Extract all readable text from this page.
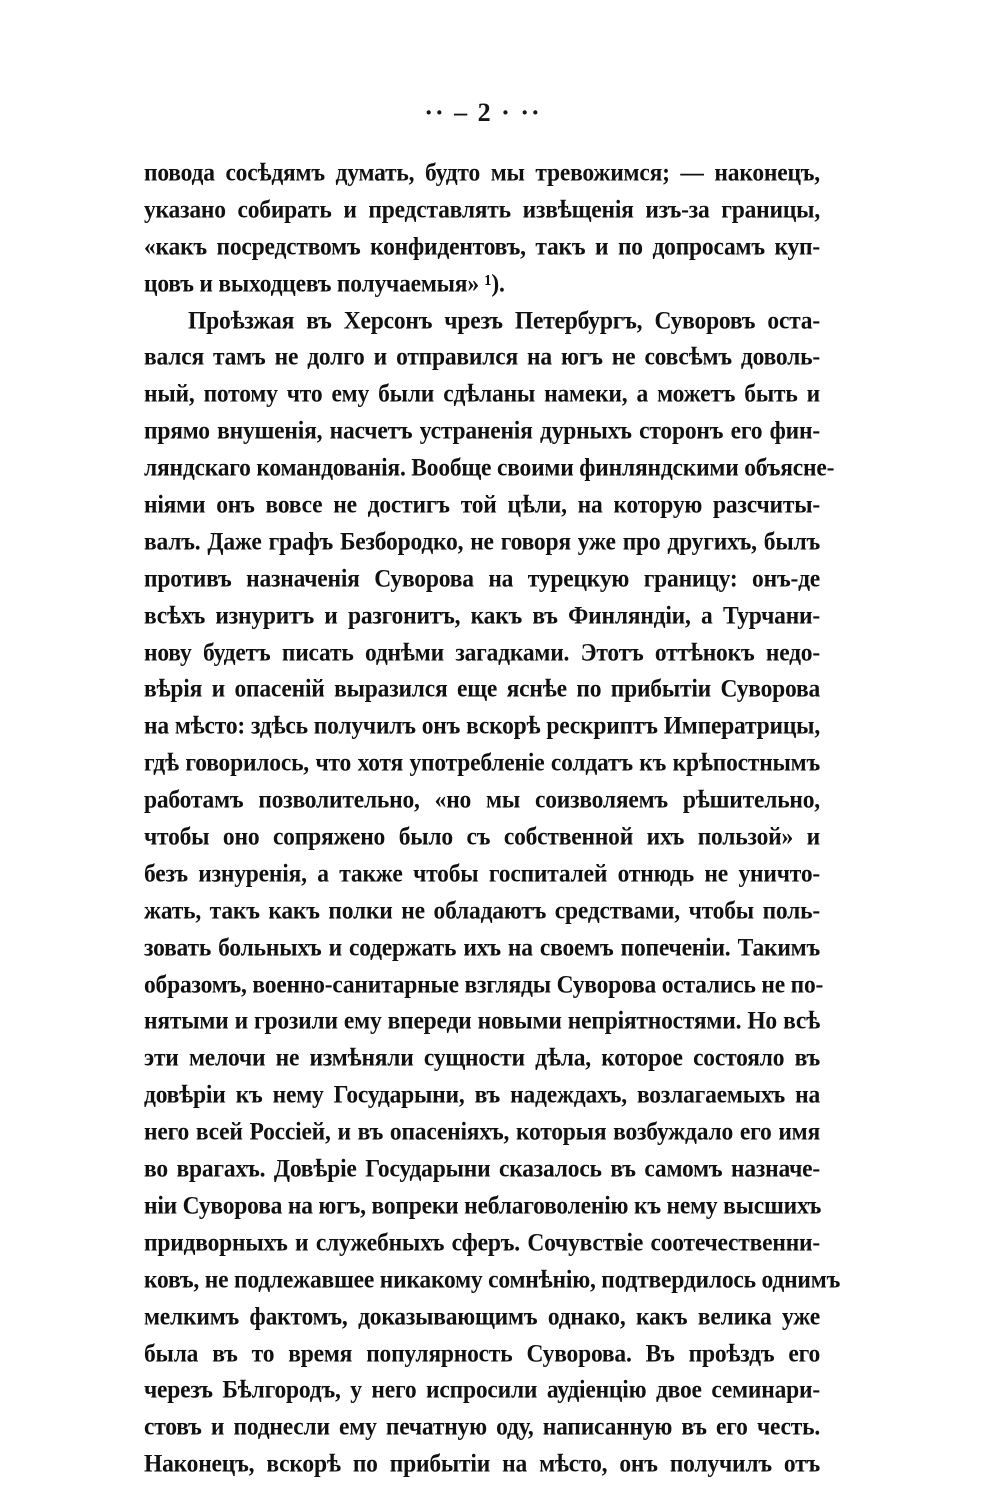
·· – 2 · ··
повода сосѣдямъ думать, будто мы тревожимся; — наконецъ,
указано собирать и представлять извѣщенія изъ-за границы,
«какъ посредствомъ конфидентовъ, такъ и по допросамъ куп-
цовъ и выходцевъ получаемыя» ¹).
Проѣзжая въ Херсонъ чрезъ Петербургъ, Суворовъ оста-
вался тамъ не долго и отправился на югъ не совсѣмъ доволь-
ный, потому что ему были сдѣланы намеки, а можетъ быть и
прямо внушенія, насчетъ устраненія дурныхъ сторонъ его фин-
ляндскаго командованія. Вообще своими финляндскими объясне-
ніями онъ вовсе не достигъ той цѣли, на которую разсчиты-
валъ. Даже графъ Безбородко, не говоря уже про другихъ, былъ
противъ назначенія Суворова на турецкую границу: онъ-де
всѣхъ изнуритъ и разгонитъ, какъ въ Финляндіи, а Турчани-
нову будетъ писать однѣми загадками. Этотъ оттѣнокъ недо-
вѣрія и опасеній выразился еще яснѣе по прибытіи Суворова
на мѣсто: здѣсь получилъ онъ вскорѣ рескриптъ Императрицы,
гдѣ говорилось, что хотя употребленіе солдатъ къ крѣпостнымъ
работамъ позволительно, «но мы соизволяемъ рѣшительно,
чтобы оно сопряжено было съ собственной ихъ пользой» и
безъ изнуренія, а также чтобы госпиталей отнюдь не уничто-
жать, такъ какъ полки не обладаютъ средствами, чтобы поль-
зовать больныхъ и содержать ихъ на своемъ попеченіи. Такимъ
образомъ, военно-санитарные взгляды Суворова остались не по-
нятыми и грозили ему впереди новыми непріятностями. Но всѣ
эти мелочи не измѣняли сущности дѣла, которое состояло въ
довѣріи къ нему Государыни, въ надеждахъ, возлагаемыхъ на
него всей Россіей, и въ опасеніяхъ, которыя возбуждало его имя
во врагахъ. Довѣріе Государыни сказалось въ самомъ назначе-
ніи Суворова на югъ, вопреки неблаговоленію къ нему высшихъ
придворныхъ и служебныхъ сферъ. Сочувствіе соотечественни-
ковъ, не подлежавшее никакому сомнѣнію, подтвердилось однимъ
мелкимъ фактомъ, доказывающимъ однако, какъ велика уже
была въ то время популярность Суворова. Въ проѣздъ его
черезъ Бѣлгородъ, у него испросили аудіенцію двое семинари-
стовъ и поднесли ему печатную оду, написанную въ его честь.
Наконецъ, вскорѣ по прибытіи на мѣсто, онъ получилъ отъ
